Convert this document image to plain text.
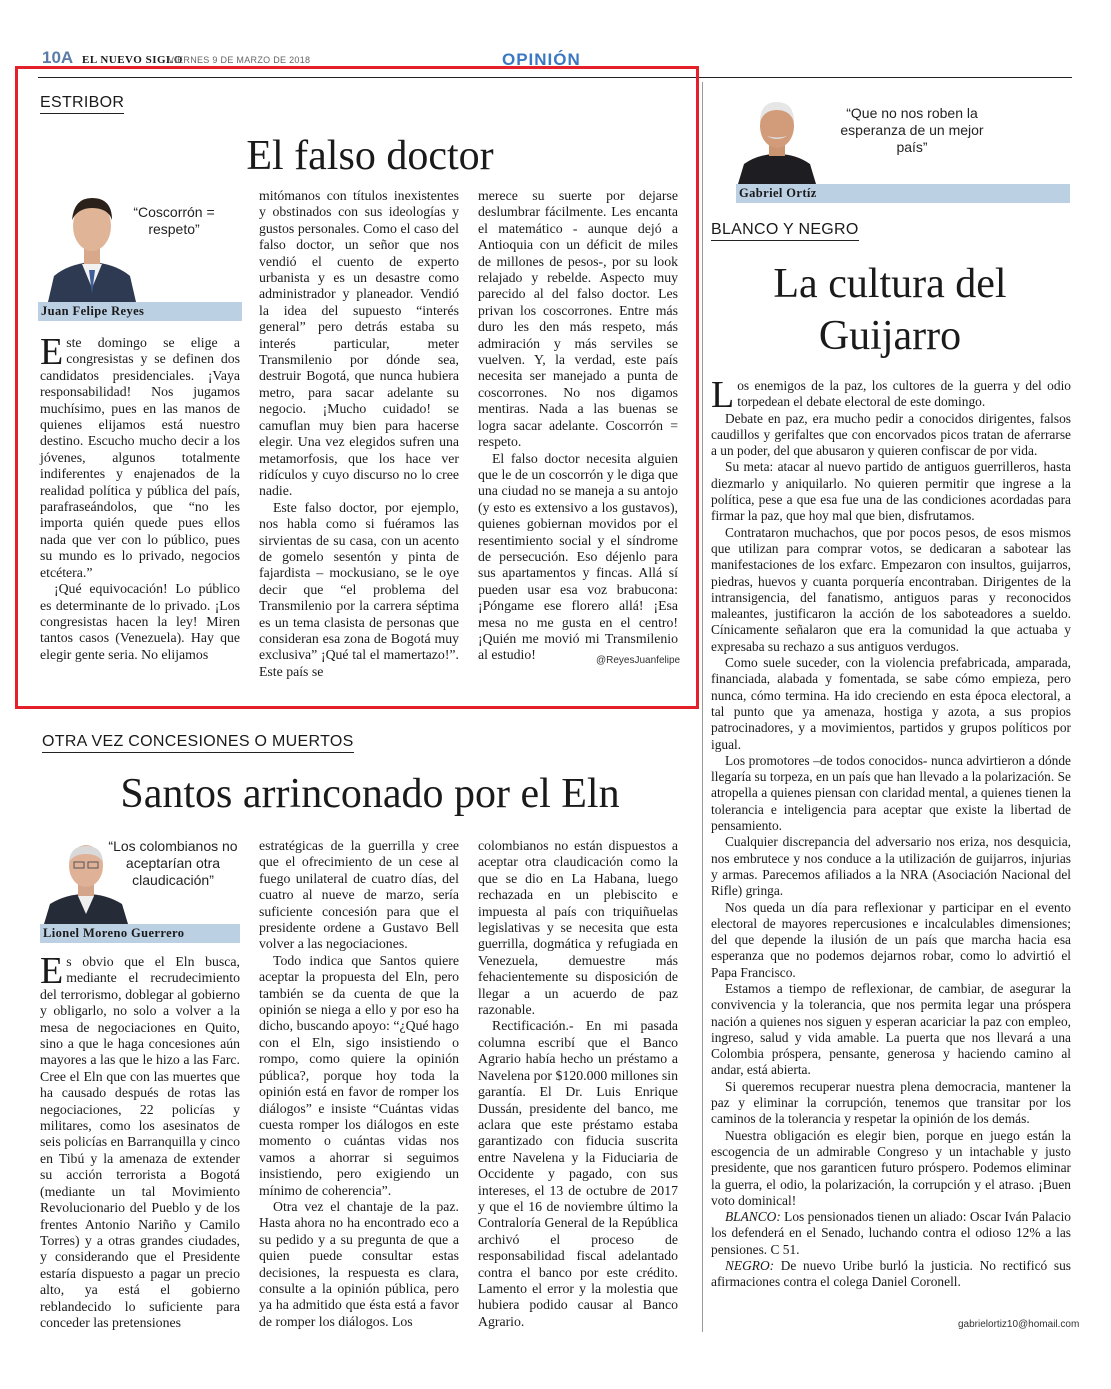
10A EL NUEVO SIGLO
VIERNES 9 DE MARZO DE 2018	OPINIÓN
ESTRIBOR
El falso doctor
“Coscorrón = respeto”
Juan Felipe Reyes

Este domingo se elige a congresistas y se definen dos candidatos presidenciales. ¡Vaya responsabilidad! Nos jugamos muchísimo, pues en las manos de quienes elijamos está nuestro destino. Escucho mucho decir a los jóvenes, algunos totalmente indiferentes y enajenados de la realidad política y pública del país, parafraseándolos, que “no les importa quién quede pues ellos nada que ver con lo público, pues su mundo es lo privado, negocios etcétera.”

¡Qué equivocación! Lo público es determinante de lo privado. ¡Los congresistas hacen la ley! Miren tantos casos (Venezuela). Hay que elegir gente seria. No elijamos

mitómanos con títulos inexistentes y obstinados con sus ideologías y gustos personales. Como el caso del falso doctor, un señor que nos vendió el cuento de experto urbanista y es un desastre como administrador y planeador. Vendió la idea del supuesto “interés general” pero detrás estaba su interés particular, meter Transmilenio por dónde sea, destruir Bogotá, que nunca hubiera metro, para sacar adelante su negocio. ¡Mucho cuidado! se camuflan muy bien para hacerse elegir. Una vez elegidos sufren una metamorfosis, que los hace ver ridículos y cuyo discurso no lo cree nadie.

Este falso doctor, por ejemplo, nos habla como si fuéramos las sirvientas de su casa, con un acento de gomelo sesentón y pinta de fajardista – mockusiano, se le oye decir que “el problema del Transmilenio por la carrera séptima es un tema clasista de personas que consideran esa zona de Bogotá muy exclusiva” ¡Qué tal el mamertazo!”. Este país se

merece su suerte por dejarse deslumbrar fácilmente. Les encanta el matemático - aunque dejó a Antioquia con un déficit de miles de millones de pesos-, por su look relajado y rebelde. Aspecto muy parecido al del falso doctor. Les privan los coscorrones. Entre más duro les den más respeto, más admiración y más serviles se vuelven. Y, la verdad, este país necesita ser manejado a punta de coscorrones. No nos digamos mentiras. Nada a las buenas se logra sacar adelante. Coscorrón = respeto.

El falso doctor necesita alguien que le de un coscorrón y le diga que una ciudad no se maneja a su antojo (y esto es extensivo a los gustavos), quienes gobiernan movidos por el resentimiento social y el síndrome de persecución. Eso déjenlo para sus apartamentos y fincas. Allá sí pueden usar esa voz brabucona: ¡Póngame ese florero allá! ¡Esa mesa no me gusta en el centro! ¡Quién me movió mi Transmilenio al estudio!	@ReyesJuanfelipe
OTRA VEZ CONCESIONES O MUERTOS
Santos arrinconado por el Eln
“Los colombianos no aceptarían otra claudicación”
Lionel Moreno Guerrero

Es obvio que el Eln busca, mediante el recrudecimiento del terrorismo, doblegar al gobierno y obligarlo, no solo a volver a la mesa de negociaciones en Quito, sino a que le haga concesiones aún mayores a las que le hizo a las Farc. Cree el Eln que con las muertes que ha causado después de rotas las negociaciones, 22 policías y militares, como los asesinatos de seis policías en Barranquilla y cinco en Tibú y la amenaza de extender su acción terrorista a Bogotá (mediante un tal Movimiento Revolucionario del Pueblo y de los frentes Antonio Nariño y Camilo Torres) y a otras grandes ciudades, y considerando que el Presidente estaría dispuesto a pagar un precio alto, ya está el gobierno reblandecido lo suficiente para conceder las pretensiones

estratégicas de la guerrilla y cree que el ofrecimiento de un cese al fuego unilateral de cuatro días, del cuatro al nueve de marzo, sería suficiente concesión para que el presidente ordene a Gustavo Bell volver a las negociaciones.

Todo indica que Santos quiere aceptar la propuesta del Eln, pero también se da cuenta de que la opinión se niega a ello y por eso ha dicho, buscando apoyo: “¿Qué hago con el Eln, sigo insistiendo o rompo, como quiere la opinión pública?, porque hoy toda la opinión está en favor de romper los diálogos” e insiste “Cuántas vidas cuesta romper los diálogos en este momento o cuántas vidas nos vamos a ahorrar si seguimos insistiendo, pero exigiendo un mínimo de coherencia”.

Otra vez el chantaje de la paz. Hasta ahora no ha encontrado eco a su pedido y a su pregunta de que a quien puede consultar estas decisiones, la respuesta es clara, consulte a la opinión pública, pero ya ha admitido que ésta está a favor de romper los diálogos. Los

colombianos no están dispuestos a aceptar otra claudicación como la que se dio en La Habana, luego rechazada en un plebiscito e impuesta al país con triquiñuelas legislativas y se necesita que esta guerrilla, dogmática y refugiada en Venezuela, demuestre más fehacientemente su disposición de llegar a un acuerdo de paz razonable.

Rectificación.- En mi pasada columna escribí que el Banco Agrario había hecho un préstamo a Navelena por $120.000 millones sin garantía. El Dr. Luis Enrique Dussán, presidente del banco, me aclara que este préstamo estaba garantizado con fiducia suscrita entre Navelena y la Fiduciaria de Occidente y pagado, con sus intereses, el 13 de octubre de 2017 y que el 16 de noviembre último la Contraloría General de la República archivó el proceso de responsabilidad fiscal adelantado contra el banco por este crédito. Lamento el error y la molestia que hubiera podido causar al Banco Agrario.

Gabriel Ortíz
“Que no nos roben la esperanza de un mejor país”
BLANCO Y NEGRO
La cultura del Guijarro

Los enemigos de la paz, los cultores de la guerra y del odio torpedean el debate electoral de este domingo.

Debate en paz, era mucho pedir a conocidos dirigentes, falsos caudillos y gerifaltes que con encorvados picos tratan de aferrarse a un poder, del que abusaron y quieren confiscar de por vida.

Su meta: atacar al nuevo partido de antiguos guerrilleros, hasta diezmarlo y aniquilarlo. No quieren permitir que ingrese a la política, pese a que esa fue una de las condiciones acordadas para firmar la paz, que hoy mal que bien, disfrutamos.

Contrataron muchachos, que por pocos pesos, de esos mismos que utilizan para comprar votos, se dedicaran a sabotear las manifestaciones de los exfarc. Empezaron con insultos, guijarros, piedras, huevos y cuanta porquería encontraban. Dirigentes de la intransigencia, del fanatismo, antiguos paras y reconocidos maleantes, justificaron la acción de los saboteadores a sueldo. Cínicamente señalaron que era la comunidad la que actuaba y expresaba su rechazo a sus antiguos verdugos.

Como suele suceder, con la violencia prefabricada, amparada, financiada, alabada y fomentada, se sabe cómo empieza, pero nunca, cómo termina. Ha ido creciendo en esta época electoral, a tal punto que ya amenaza, hostiga y azota, a sus propios patrocinadores, y a movimientos, partidos y grupos políticos por igual.

Los promotores –de todos conocidos- nunca advirtieron a dónde llegaría su torpeza, en un país que han llevado a la polarización. Se atropella a quienes piensan con claridad mental, a quienes tienen la tolerancia e inteligencia para aceptar que existe la libertad de pensamiento.

Cualquier discrepancia del adversario nos eriza, nos desquicia, nos embrutece y nos conduce a la utilización de guijarros, injurias y armas. Parecemos afiliados a la NRA (Asociación Nacional del Rifle) gringa.

Nos queda un día para reflexionar y participar en el evento electoral de mayores repercusiones e incalculables dimensiones; del que depende la ilusión de un país que marcha hacia esa esperanza que no podemos dejarnos robar, como lo advirtió el Papa Francisco.

Estamos a tiempo de reflexionar, de cambiar, de asegurar la convivencia y la tolerancia, que nos permita legar una próspera nación a quienes nos siguen y esperan acariciar la paz con empleo, ingreso, salud y vida amable. La puerta que nos llevará a una Colombia próspera, pensante, generosa y haciendo camino al andar, está abierta.

Si queremos recuperar nuestra plena democracia, mantener la paz y eliminar la corrupción, tenemos que transitar por los caminos de la tolerancia y respetar la opinión de los demás.

Nuestra obligación es elegir bien, porque en juego están la escogencia de un admirable Congreso y un intachable y justo presidente, que nos garanticen futuro próspero. Podemos eliminar la guerra, el odio, la polarización, la corrupción y el atraso. ¡Buen voto dominical!

BLANCO: Los pensionados tienen un aliado: Oscar Iván Palacio los defenderá en el Senado, luchando contra el odioso 12% a las pensiones. C 51.

NEGRO: De nuevo Uribe burló la justicia. No rectificó sus afirmaciones contra el colega Daniel Coronell.

gabrielortiz10@homail.com
